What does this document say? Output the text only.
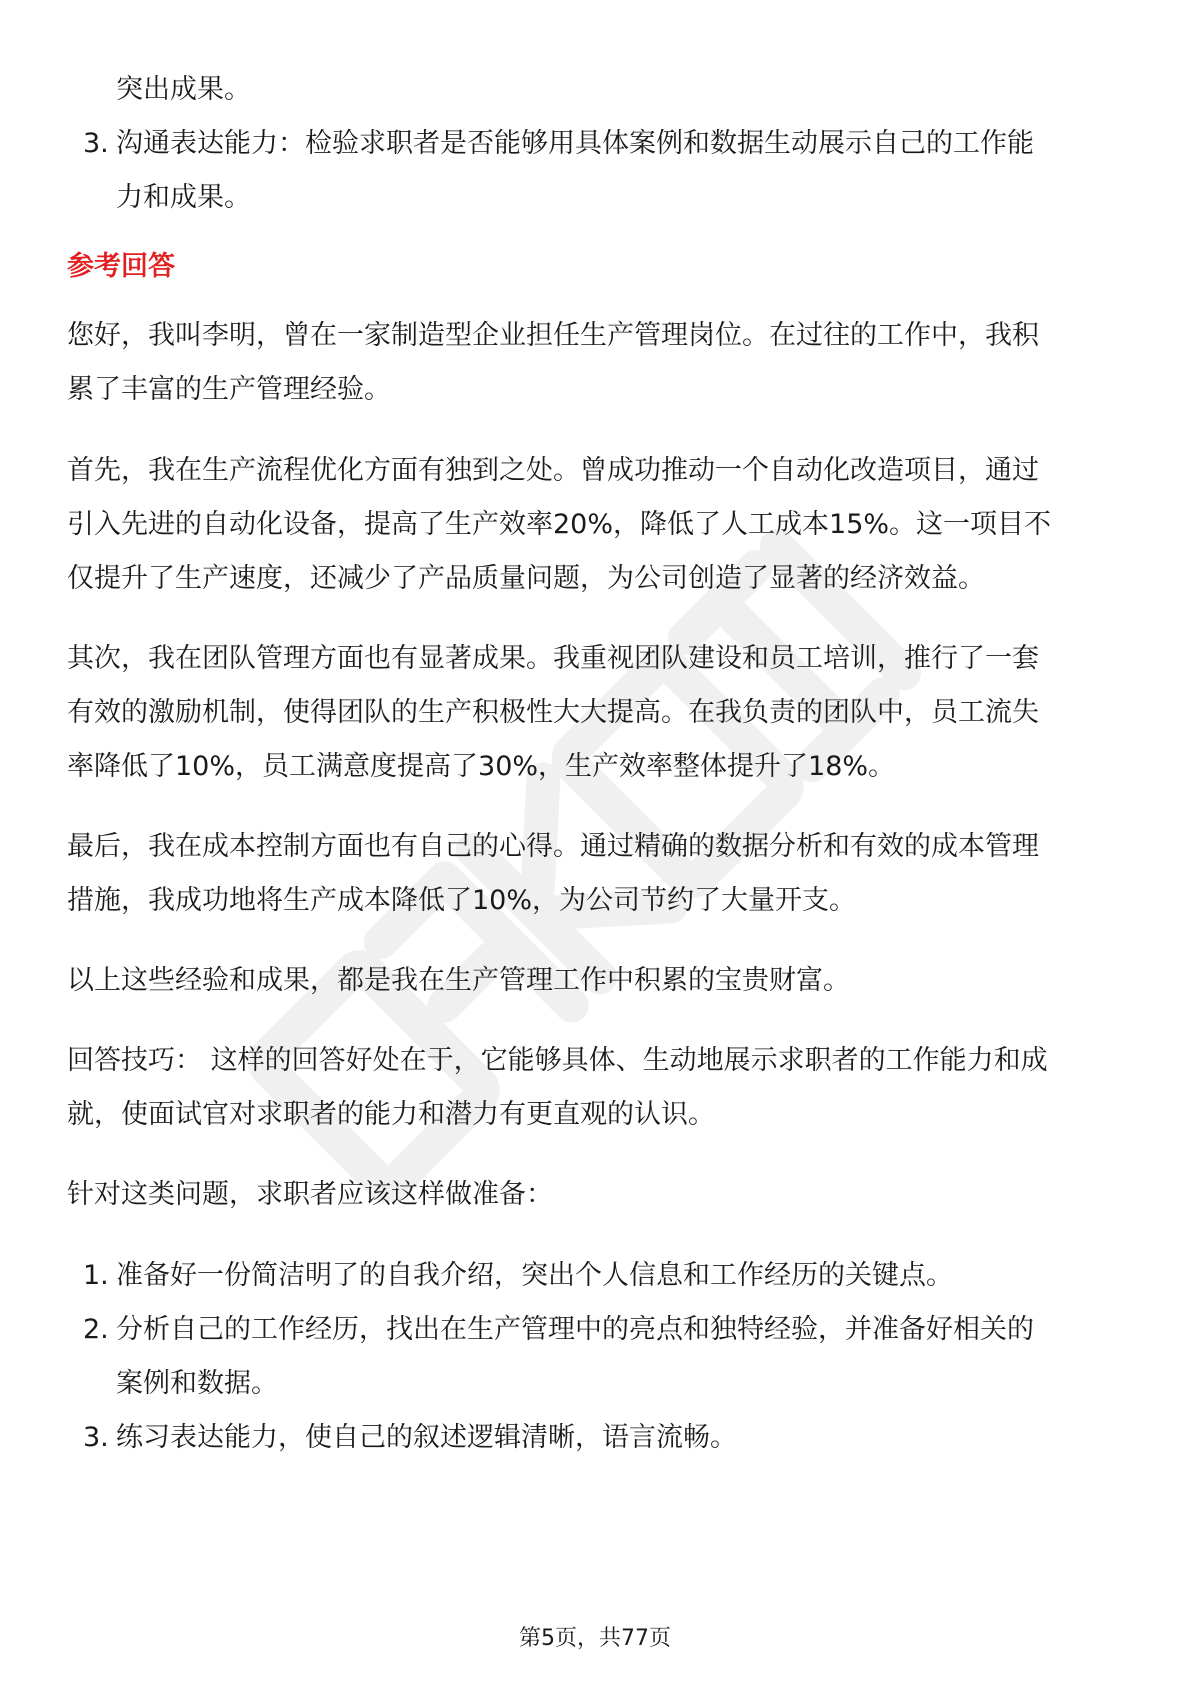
突出成果。
3. 沟通表达能力：检验求职者是否能够用具体案例和数据生动展示自己的工作能
力和成果。
参考回答
您好，我叫李明，曾在一家制造型企业担任生产管理岗位。在过往的工作中，我积
累了丰富的生产管理经验。
首先，我在生产流程优化方面有独到之处。曾成功推动一个自动化改造项目，通过
引入先进的自动化设备，提高了生产效率20%，降低了人工成本15%。这一项目不
仅提升了生产速度，还减少了产品质量问题，为公司创造了显著的经济效益。
其次，我在团队管理方面也有显著成果。我重视团队建设和员工培训，推行了一套
有效的激励机制，使得团队的生产积极性大大提高。在我负责的团队中，员工流失
率降低了10%，员工满意度提高了30%，生产效率整体提升了18%。
最后，我在成本控制方面也有自己的心得。通过精确的数据分析和有效的成本管理
措施，我成功地将生产成本降低了10%，为公司节约了大量开支。
以上这些经验和成果，都是我在生产管理工作中积累的宝贵财富。
回答技巧： 这样的回答好处在于，它能够具体、生动地展示求职者的工作能力和成
就，使面试官对求职者的能力和潜力有更直观的认识。
针对这类问题，求职者应该这样做准备：
1. 准备好一份简洁明了的自我介绍，突出个人信息和工作经历的关键点。
2. 分析自己的工作经历，找出在生产管理中的亮点和独特经验，并准备好相关的
案例和数据。
3. 练习表达能力，使自己的叙述逻辑清晰，语言流畅。
第5页，共77页
